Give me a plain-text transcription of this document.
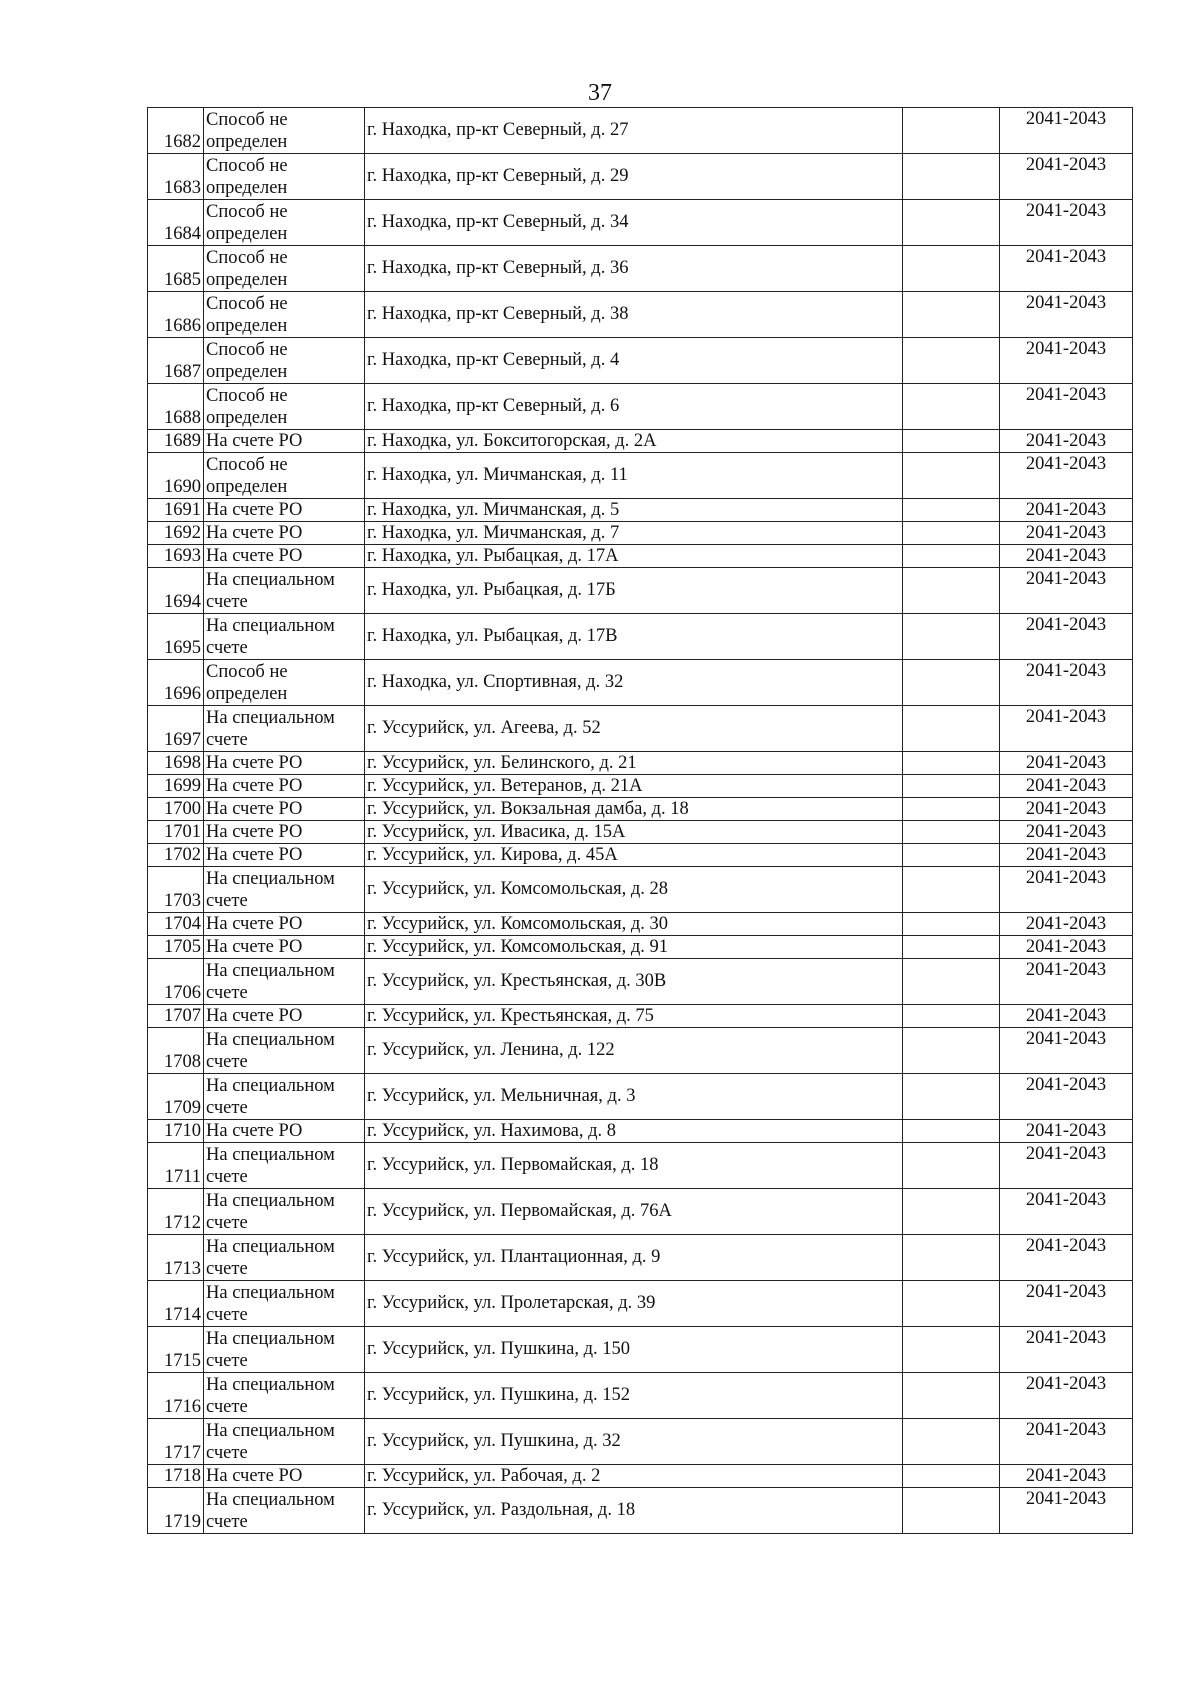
37
1682	Способ не определен	г. Находка, пр-кт Северный, д. 27		2041-2043
1683	Способ не определен	г. Находка, пр-кт Северный, д. 29		2041-2043
1684	Способ не определен	г. Находка, пр-кт Северный, д. 34		2041-2043
1685	Способ не определен	г. Находка, пр-кт Северный, д. 36		2041-2043
1686	Способ не определен	г. Находка, пр-кт Северный, д. 38		2041-2043
1687	Способ не определен	г. Находка, пр-кт Северный, д. 4		2041-2043
1688	Способ не определен	г. Находка, пр-кт Северный, д. 6		2041-2043
1689	На счете РО	г. Находка, ул. Бокситогорская, д. 2А		2041-2043
1690	Способ не определен	г. Находка, ул. Мичманская, д. 11		2041-2043
1691	На счете РО	г. Находка, ул. Мичманская, д. 5		2041-2043
1692	На счете РО	г. Находка, ул. Мичманская, д. 7		2041-2043
1693	На счете РО	г. Находка, ул. Рыбацкая, д. 17А		2041-2043
1694	На специальном счете	г. Находка, ул. Рыбацкая, д. 17Б		2041-2043
1695	На специальном счете	г. Находка, ул. Рыбацкая, д. 17В		2041-2043
1696	Способ не определен	г. Находка, ул. Спортивная, д. 32		2041-2043
1697	На специальном счете	г. Уссурийск, ул. Агеева, д. 52		2041-2043
1698	На счете РО	г. Уссурийск, ул. Белинского, д. 21		2041-2043
1699	На счете РО	г. Уссурийск, ул. Ветеранов, д. 21А		2041-2043
1700	На счете РО	г. Уссурийск, ул. Вокзальная дамба, д. 18		2041-2043
1701	На счете РО	г. Уссурийск, ул. Ивасика, д. 15А		2041-2043
1702	На счете РО	г. Уссурийск, ул. Кирова, д. 45А		2041-2043
1703	На специальном счете	г. Уссурийск, ул. Комсомольская, д. 28		2041-2043
1704	На счете РО	г. Уссурийск, ул. Комсомольская, д. 30		2041-2043
1705	На счете РО	г. Уссурийск, ул. Комсомольская, д. 91		2041-2043
1706	На специальном счете	г. Уссурийск, ул. Крестьянская, д. 30В		2041-2043
1707	На счете РО	г. Уссурийск, ул. Крестьянская, д. 75		2041-2043
1708	На специальном счете	г. Уссурийск, ул. Ленина, д. 122		2041-2043
1709	На специальном счете	г. Уссурийск, ул. Мельничная, д. 3		2041-2043
1710	На счете РО	г. Уссурийск, ул. Нахимова, д. 8		2041-2043
1711	На специальном счете	г. Уссурийск, ул. Первомайская, д. 18		2041-2043
1712	На специальном счете	г. Уссурийск, ул. Первомайская, д. 76А		2041-2043
1713	На специальном счете	г. Уссурийск, ул. Плантационная, д. 9		2041-2043
1714	На специальном счете	г. Уссурийск, ул. Пролетарская, д. 39		2041-2043
1715	На специальном счете	г. Уссурийск, ул. Пушкина, д. 150		2041-2043
1716	На специальном счете	г. Уссурийск, ул. Пушкина, д. 152		2041-2043
1717	На специальном счете	г. Уссурийск, ул. Пушкина, д. 32		2041-2043
1718	На счете РО	г. Уссурийск, ул. Рабочая, д. 2		2041-2043
1719	На специальном счете	г. Уссурийск, ул. Раздольная, д. 18		2041-2043
